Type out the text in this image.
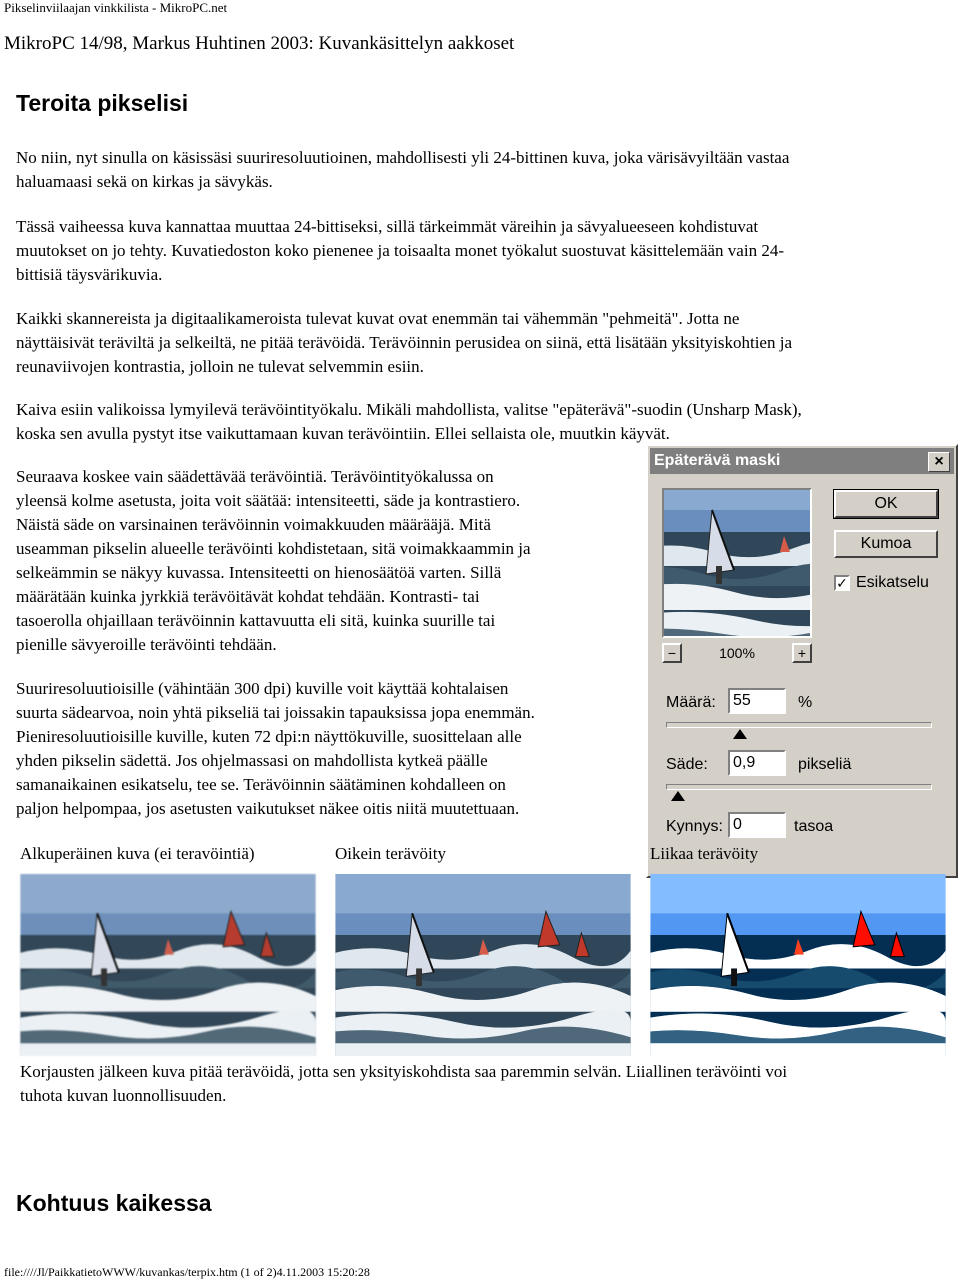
Pikselinviilaajan vinkkilista - MikroPC.net
MikroPC 14/98, Markus Huhtinen 2003: Kuvankäsittelyn aakkoset
Teroita pikselisi
No niin, nyt sinulla on käsissäsi suuriresoluutioinen, mahdollisesti yli 24-bittinen kuva, joka värisävyiltään vastaa
haluamaasi sekä on kirkas ja sävykäs.
Tässä vaiheessa kuva kannattaa muuttaa 24-bittiseksi, sillä tärkeimmät väreihin ja sävyalueeseen kohdistuvat
muutokset on jo tehty. Kuvatiedoston koko pienenee ja toisaalta monet työkalut suostuvat käsittelemään vain 24-
bittisiä täysvärikuvia.
Kaikki skannereista ja digitaalikameroista tulevat kuvat ovat enemmän tai vähemmän "pehmeitä". Jotta ne
näyttäisivät teräviltä ja selkeiltä, ne pitää terävöidä. Terävöinnin perusidea on siinä, että lisätään yksityiskohtien ja
reunaviivojen kontrastia, jolloin ne tulevat selvemmin esiin.
Kaiva esiin valikoissa lymyilevä terävöintityökalu. Mikäli mahdollista, valitse "epäterävä"-suodin (Unsharp Mask),
koska sen avulla pystyt itse vaikuttamaan kuvan terävöintiin. Ellei sellaista ole, muutkin käyvät.
Seuraava koskee vain säädettävää terävöintiä. Terävöintityökalussa on
yleensä kolme asetusta, joita voit säätää: intensiteetti, säde ja kontrastiero.
Näistä säde on varsinainen terävöinnin voimakkuuden määrääjä. Mitä
useamman pikselin alueelle terävöinti kohdistetaan, sitä voimakkaammin ja
selkeämmin se näkyy kuvassa. Intensiteetti on hienosäätöä varten. Sillä
määrätään kuinka jyrkkiä terävöitävät kohdat tehdään. Kontrasti- tai
tasoerolla ohjaillaan terävöinnin kattavuutta eli sitä, kuinka suurille tai
pienille sävyeroille terävöinti tehdään.
Suuriresoluutioisille (vähintään 300 dpi) kuville voit käyttää kohtalaisen
suurta sädearvoa, noin yhtä pikseliä tai joissakin tapauksissa jopa enemmän.
Pieniresoluutioisille kuville, kuten 72 dpi:n näyttökuville, suosittelaan alle
yhden pikselin sädettä. Jos ohjelmassasi on mahdollista kytkeä päälle
samanaikainen esikatselu, tee se. Terävöinnin säätäminen kohdalleen on
paljon helpompaa, jos asetusten vaikutukset näkee oitis niitä muutettuaan.
Epäterävä maski	×
OK
Kumoa
✓ Esikatselu
−	100%	+
Määrä:	55	%
Säde:	0,9	pikseliä
Kynnys: 0	tasoa
Alkuperäinen kuva (ei teravöintiä)	Oikein terävöity	Liikaa terävöity
Korjausten jälkeen kuva pitää terävöidä, jotta sen yksityiskohdista saa paremmin selvän. Liiallinen terävöinti voi
tuhota kuvan luonnollisuuden.
Kohtuus kaikessa
file:////Jl/PaikkatietoWWW/kuvankas/terpix.htm (1 of 2)4.11.2003 15:20:28
